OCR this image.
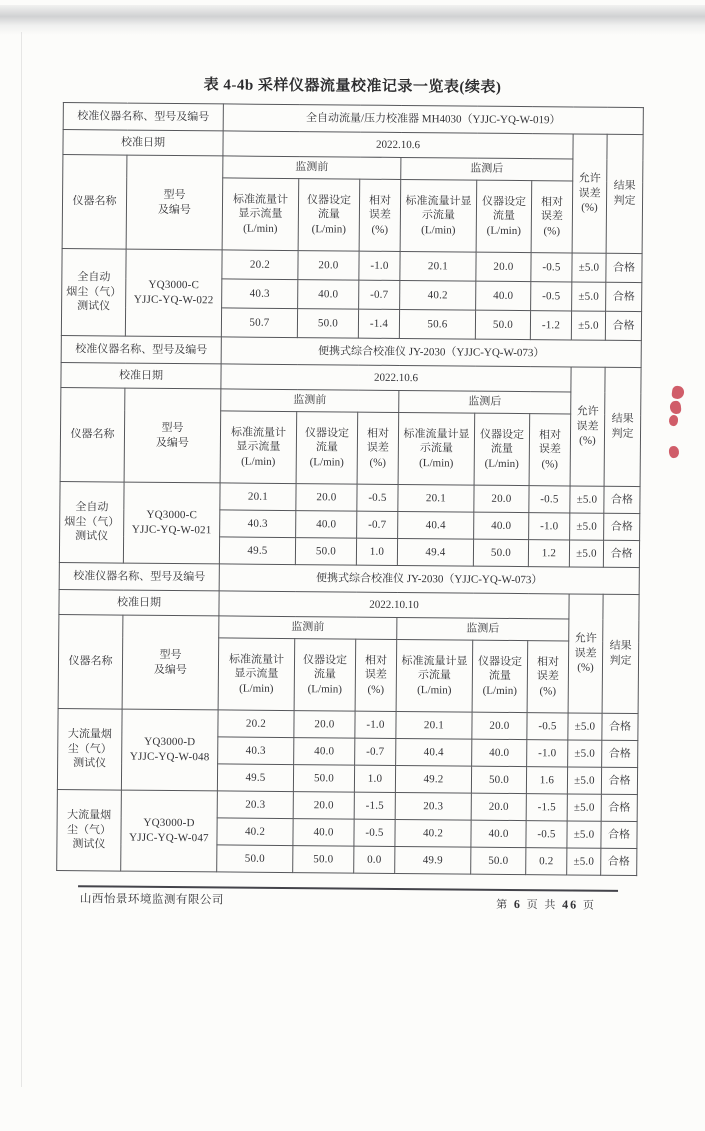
表 4-4b 采样仪器流量校准记录一览表(续表)
校准仪器名称、型号及编号		全自动流量/压力校准器 MH4030（YJJC-YQ-W-019）							
校准日期		2022.10.6						允许
误差
(%)	结果
判定
仪器名称	型号
及编号	监测前			监测后				
		标准流量计
显示流量
(L/min)	仪器设定
流量
(L/min)	相对
误差
(%)	标准流量计显
示流量
(L/min)	仪器设定
流量
(L/min)	相对
误差
(%)		
全自动
烟尘（气）
测试仪	YQ3000-C
YJJC-YQ-W-022	20.2	20.0	-1.0	20.1	20.0	-0.5	±5.0	合格
		40.3	40.0	-0.7	40.2	40.0	-0.5	±5.0	合格
		50.7	50.0	-1.4	50.6	50.0	-1.2	±5.0	合格
校准仪器名称、型号及编号		便携式综合校准仪 JY-2030（YJJC-YQ-W-073）							
校准日期		2022.10.6						允许
误差
(%)	结果
判定
仪器名称	型号
及编号	监测前			监测后				
		标准流量计
显示流量
(L/min)	仪器设定
流量
(L/min)	相对
误差
(%)	标准流量计显
示流量
(L/min)	仪器设定
流量
(L/min)	相对
误差
(%)		
全自动
烟尘（气）
测试仪	YQ3000-C
YJJC-YQ-W-021	20.1	20.0	-0.5	20.1	20.0	-0.5	±5.0	合格
		40.3	40.0	-0.7	40.4	40.0	-1.0	±5.0	合格
		49.5	50.0	1.0	49.4	50.0	1.2	±5.0	合格
校准仪器名称、型号及编号		便携式综合校准仪 JY-2030（YJJC-YQ-W-073）							
校准日期		2022.10.10						允许
误差
(%)	结果
判定
仪器名称	型号
及编号	监测前			监测后				
		标准流量计
显示流量
(L/min)	仪器设定
流量
(L/min)	相对
误差
(%)	标准流量计显
示流量
(L/min)	仪器设定
流量
(L/min)	相对
误差
(%)		
大流量烟
尘（气）
测试仪	YQ3000-D
YJJC-YQ-W-048	20.2	20.0	-1.0	20.1	20.0	-0.5	±5.0	合格
		40.3	40.0	-0.7	40.4	40.0	-1.0	±5.0	合格
		49.5	50.0	1.0	49.2	50.0	1.6	±5.0	合格
大流量烟
尘（气）
测试仪	YQ3000-D
YJJC-YQ-W-047	20.3	20.0	-1.5	20.3	20.0	-1.5	±5.0	合格
		40.2	40.0	-0.5	40.2	40.0	-0.5	±5.0	合格
		50.0	50.0	0.0	49.9	50.0	0.2	±5.0	合格
山西怡景环境监测有限公司	第 6 页 共 46 页
